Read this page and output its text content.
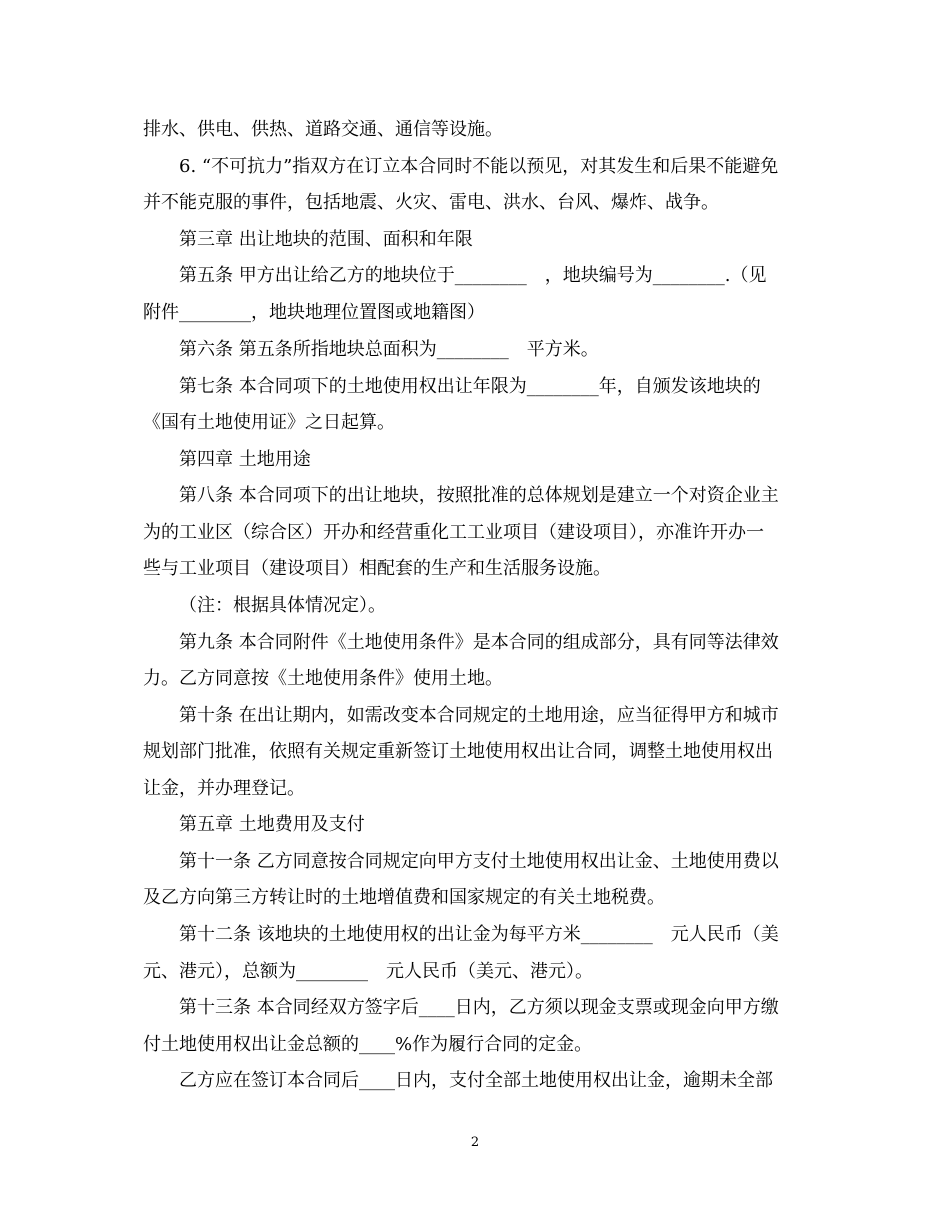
排水、供电、供热、道路交通、通信等设施。
6. “不可抗力”指双方在订立本合同时不能以预见，对其发生和后果不能避免
并不能克服的事件，包括地震、火灾、雷电、洪水、台风、爆炸、战争。
第三章 出让地块的范围、面积和年限
第五条 甲方出让给乙方的地块位于________　，地块编号为________.（见
附件________，地块地理位置图或地籍图）
第六条 第五条所指地块总面积为________　平方米。
第七条 本合同项下的土地使用权出让年限为________年，自颁发该地块的
《国有土地使用证》之日起算。
第四章 土地用途
第八条 本合同项下的出让地块，按照批准的总体规划是建立一个对资企业主
为的工业区（综合区）开办和经营重化工工业项目（建设项目），亦准许开办一
些与工业项目（建设项目）相配套的生产和生活服务设施。
（注：根据具体情况定）。
第九条 本合同附件《土地使用条件》是本合同的组成部分，具有同等法律效
力。乙方同意按《土地使用条件》使用土地。
第十条 在出让期内，如需改变本合同规定的土地用途，应当征得甲方和城市
规划部门批准，依照有关规定重新签订土地使用权出让合同，调整土地使用权出
让金，并办理登记。
第五章 土地费用及支付
第十一条 乙方同意按合同规定向甲方支付土地使用权出让金、土地使用费以
及乙方向第三方转让时的土地增值费和国家规定的有关土地税费。
第十二条 该地块的土地使用权的出让金为每平方米________　元人民币（美
元、港元），总额为________　元人民币（美元、港元）。
第十三条 本合同经双方签字后____日内，乙方须以现金支票或现金向甲方缴
付土地使用权出让金总额的____%作为履行合同的定金。
乙方应在签订本合同后____日内，支付全部土地使用权出让金，逾期未全部
2
